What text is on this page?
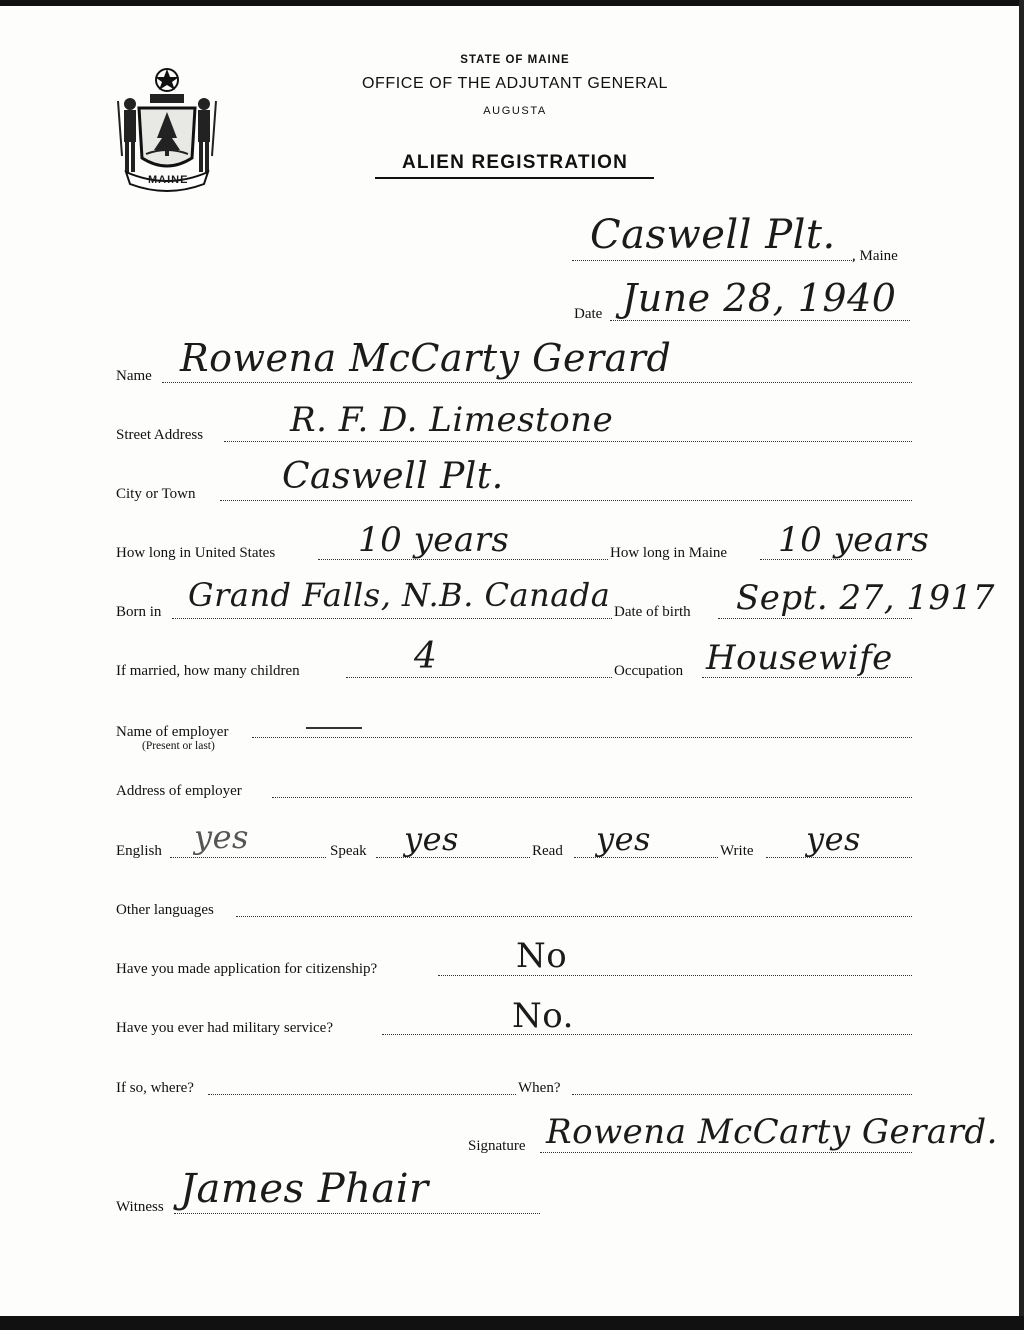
MAINE
STATE OF MAINE
OFFICE OF THE ADJUTANT GENERAL
AUGUSTA
ALIEN REGISTRATION
Caswell Plt. , Maine
Date June 28, 1940
Name Rowena McCarty Gerard
Street Address	R. F. D. Limestone
City or Town Caswell Plt.
How long in United States 10 years	How long in Maine 10 years
Born in Grand Falls, N.B. Canada Date of birth Sept. 27, 1917
If married, how many children	4	Occupation Housewife
Name of employer
(Present or last)
Address of employer
English yes	Speak yes	Read yes	Write yes
Other languages
Have you made application for citizenship?	No
Have you ever had military service?	No.
If so, where?	When?
Signature Rowena McCarty Gerard.
Witness James Phair
